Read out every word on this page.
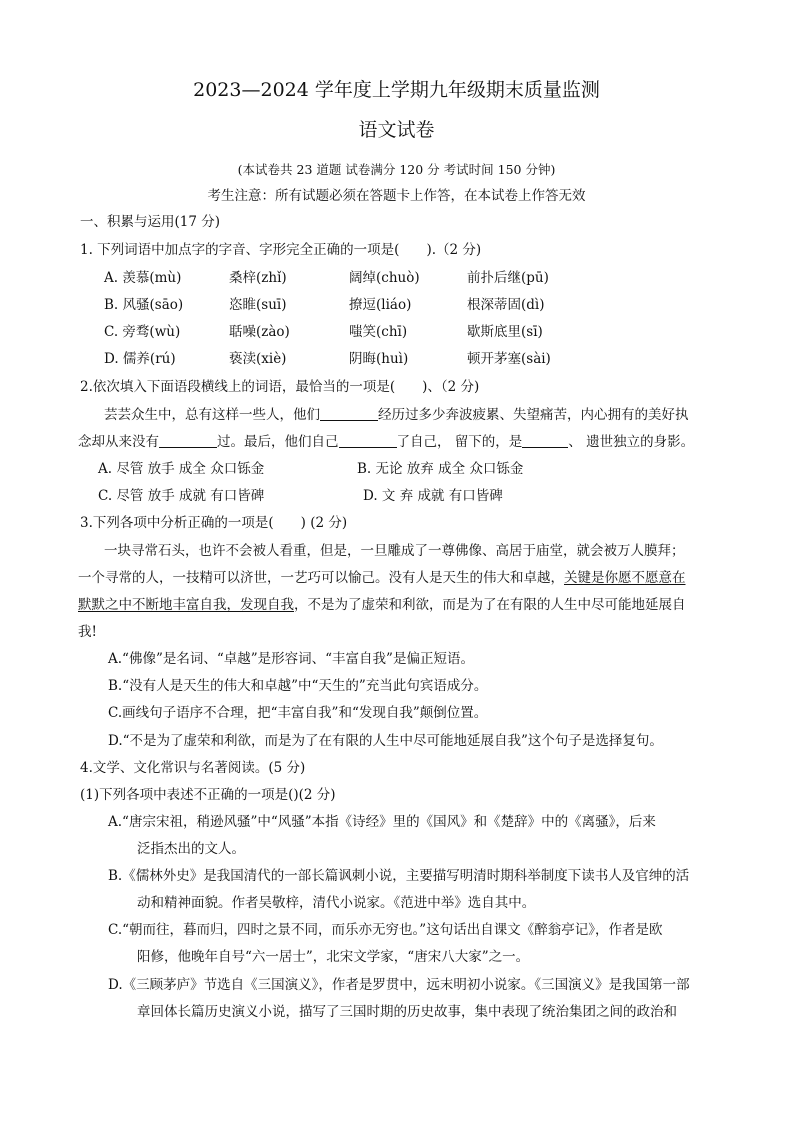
2023—2024 学年度上学期九年级期末质量监测
语文试卷
(本试卷共 23 道题 试卷满分 120 分 考试时间 150 分钟)
考生注意：所有试题必须在答题卡上作答，在本试卷上作答无效
一、积累与运用(17 分)
1. 下列词语中加点字的字音、字形完全正确的一项是(　　).（2 分)
A. 羡慕(mù)	桑梓(zhǐ)	阔绰(chuò)	前扑后继(pū)
B. 风骚(sāo)	恣睢(suī)	撩逗(liáo)	根深蒂固(dì)
C. 旁骛(wù)	聒噪(zào)	嗤笑(chī)	歇斯底里(sī)
D. 儒养(rú)	亵渎(xiè)	阴晦(huì)	顿开茅塞(sài)
2.依次填入下面语段横线上的词语，最恰当的一项是(　　)、（2 分)
芸芸众生中，总有这样一些人，他们	经历过多少奔波疲累、失望痛苦，内心拥有的美好执
念却从来没有	过。最后，他们自己	了自己， 留下的，是	、 遗世独立的身影。
A. 尽管 放手 成全 众口铄金	B. 无论 放弃 成全 众口铄金
C. 尽管 放手 成就 有口皆碑	D. 文 弃 成就 有口皆碑
3.下列各项中分析正确的一项是(　　) (2 分)
一块寻常石头，也许不会被人看重，但是，一旦雕成了一尊佛像、高居于庙堂，就会被万人膜拜；
一个寻常的人，一技精可以济世，一艺巧可以愉己。没有人是天生的伟大和卓越，关键是你愿不愿意在
默默之中不断地丰富自我，发现自我，不是为了虚荣和利欲，而是为了在有限的人生中尽可能地延展自
我!
A.“佛像”是名词、“卓越”是形容词、“丰富自我”是偏正短语。
B.“没有人是天生的伟大和卓越”中“天生的”充当此句宾语成分。
C.画线句子语序不合理，把“丰富自我”和“发现自我”颠倒位置。
D.“不是为了虚荣和利欲，而是为了在有限的人生中尽可能地延展自我”这个句子是选择复句。
4.文学、文化常识与名著阅读。(5 分)
(1)下列各项中表述不正确的一项是()(2 分)
A.“唐宗宋祖，稍逊风骚”中“风骚”本指《诗经》里的《国风》和《楚辞》中的《离骚》，后来
泛指杰出的文人。
B.《儒林外史》是我国清代的一部长篇讽刺小说，主要描写明清时期科举制度下读书人及官绅的活
动和精神面貌。作者吴敬梓，清代小说家。《范进中举》选自其中。
C.“朝而往，暮而归，四时之景不同，而乐亦无穷也。”这句话出自课文《醉翁亭记》，作者是欧
阳修，他晚年自号“六一居士”，北宋文学家，“唐宋八大家”之一。
D.《三顾茅庐》节选自《三国演义》，作者是罗贯中，远末明初小说家。《三国演义》是我国第一部
章回体长篇历史演义小说，描写了三国时期的历史故事，集中表现了统治集团之间的政治和
